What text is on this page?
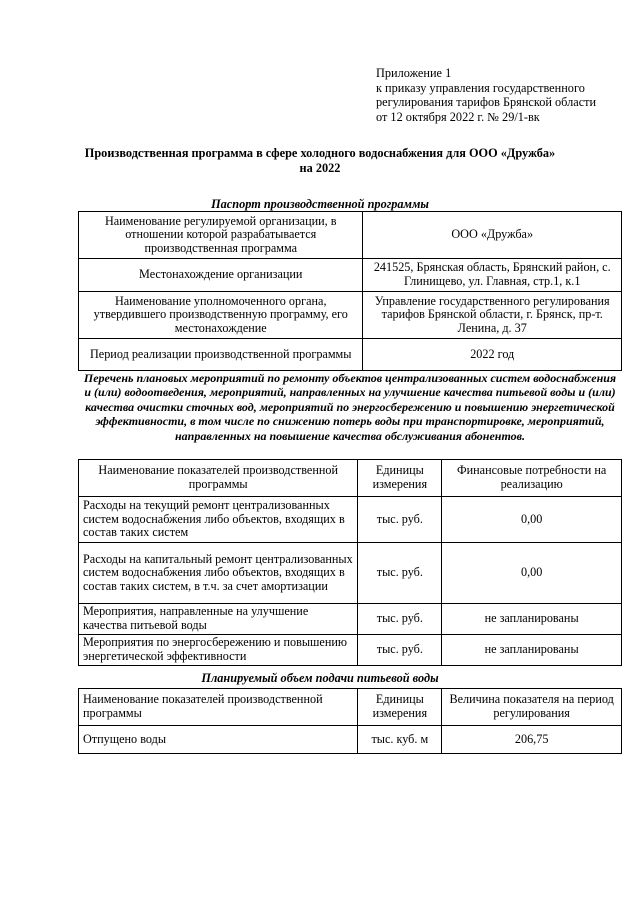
Приложение 1
к приказу управления государственного
регулирования тарифов Брянской области
от 12 октября 2022 г. № 29/1-вк
Производственная программа в сфере холодного водоснабжения для ООО «Дружба»
на 2022
Паспорт производственной программы
Наименование регулируемой организации, в отношении которой разрабатывается производственная программа	ООО «Дружба»
Местонахождение организации	241525, Брянская область, Брянский район, с. Глинищево, ул. Главная, стр.1, к.1
Наименование уполномоченного органа, утвердившего производственную программу, его местонахождение	Управление государственного регулирования тарифов Брянской области, г. Брянск, пр-т. Ленина, д. 37
Период реализации производственной программы	2022 год
Перечень плановых мероприятий по ремонту объектов централизованных систем водоснабжения и (или) водоотведения, мероприятий, направленных на улучшение качества питьевой воды и (или) качества очистки сточных вод, мероприятий по энергосбережению и повышению энергетической эффективности, в том числе по снижению потерь воды при транспортировке, мероприятий, направленных на повышение качества обслуживания абонентов.
Наименование показателей производственной программы	Единицы измерения	Финансовые потребности на реализацию
Расходы на текущий ремонт централизованных систем водоснабжения либо объектов, входящих в состав таких систем	тыс. руб.	0,00
Расходы на капитальный ремонт централизованных систем водоснабжения либо объектов, входящих в состав таких систем, в т.ч. за счет амортизации	тыс. руб.	0,00
Мероприятия, направленные на улучшение качества питьевой воды	тыс. руб.	не запланированы
Мероприятия по энергосбережению и повышению энергетической эффективности	тыс. руб.	не запланированы
Планируемый объем подачи питьевой воды
Наименование показателей производственной программы	Единицы измерения	Величина показателя на период регулирования
Отпущено воды	тыс. куб. м	206,75
